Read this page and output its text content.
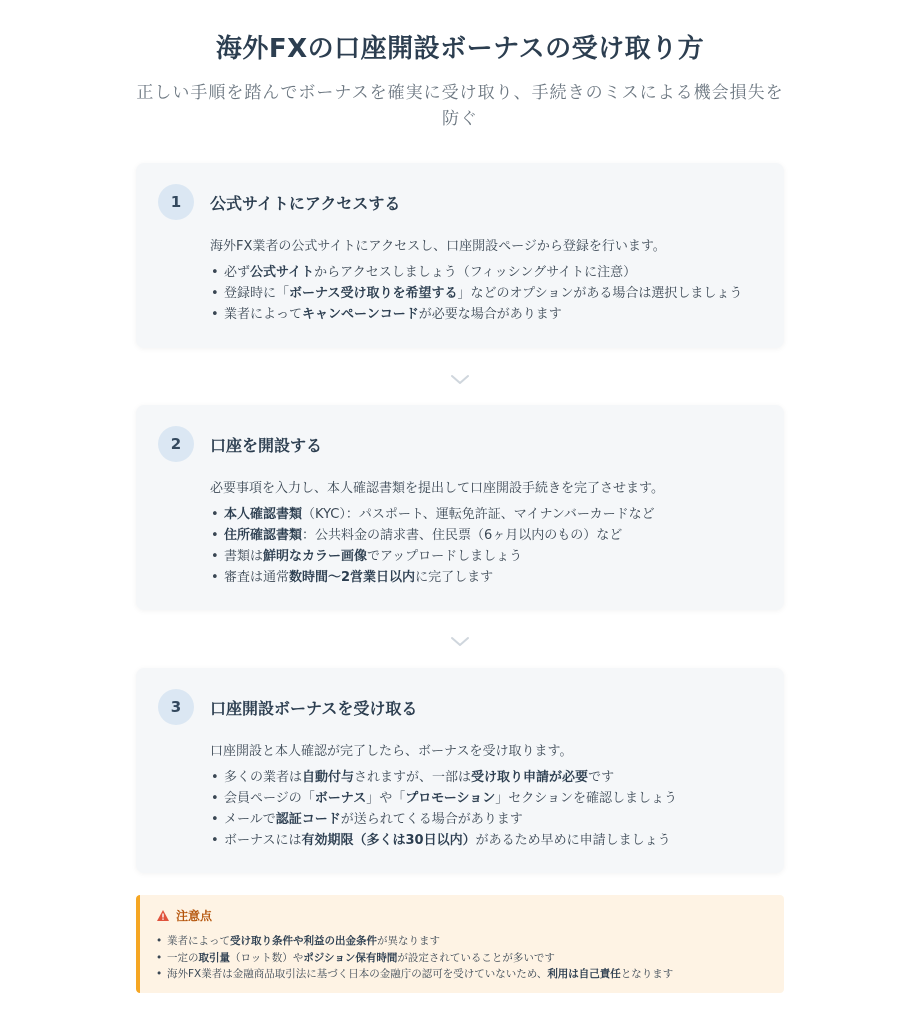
海外FXの口座開設ボーナスの受け取り方

正しい手順を踏んでボーナスを確実に受け取り、手続きのミスによる機会損失を防ぐ

1	公式サイトにアクセスする
海外FX業者の公式サイトにアクセスし、口座開設ページから登録を行います。
• 必ず公式サイトからアクセスしましょう（フィッシングサイトに注意）
• 登録時に「ボーナス受け取りを希望する」などのオプションがある場合は選択しましょう
• 業者によってキャンペーンコードが必要な場合があります
2	口座を開設する
必要事項を入力し、本人確認書類を提出して口座開設手続きを完了させます。
• 本人確認書類（KYC）：パスポート、運転免許証、マイナンバーカードなど
• 住所確認書類：公共料金の請求書、住民票（6ヶ月以内のもの）など
• 書類は鮮明なカラー画像でアップロードしましょう
• 審査は通常数時間〜2営業日以内に完了します
3	口座開設ボーナスを受け取る
口座開設と本人確認が完了したら、ボーナスを受け取ります。
• 多くの業者は自動付与されますが、一部は受け取り申請が必要です
• 会員ページの「ボーナス」や「プロモーション」セクションを確認しましょう
• メールで認証コードが送られてくる場合があります
• ボーナスには有効期限（多くは30日以内）があるため早めに申請しましょう
注意点
• 業者によって受け取り条件や利益の出金条件が異なります
• 一定の取引量（ロット数）やポジション保有時間が設定されていることが多いです
• 海外FX業者は金融商品取引法に基づく日本の金融庁の認可を受けていないため、利用は自己責任となります
